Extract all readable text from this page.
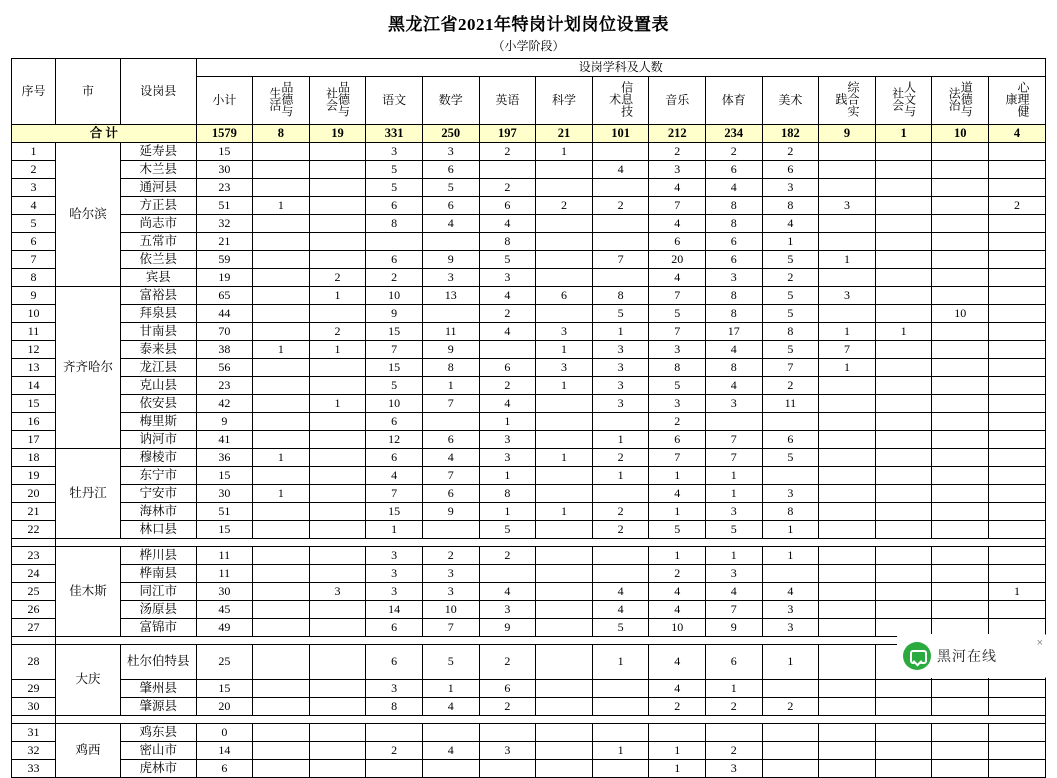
黑龙江省2021年特岗计划岗位设置表
（小学阶段）
序号	市	设岗县	设岗学科及人数														
			小计	品德与生活	品德与社会	语文	数学	英语	科学	信息技术	音乐	体育	美术	综合实践	人文与社会	道德与法治	心理健康
合 计			1579	8	19	331	250	197	21	101	212	234	182	9	1	10	4
1	哈尔滨	延寿县	15			3	3	2	1		2	2	2				
2		木兰县	30			5	6			4	3	6	6				
3		通河县	23			5	5	2			4	4	3				
4		方正县	51	1		6	6	6	2	2	7	8	8	3			2
5		尚志市	32			8	4	4			4	8	4				
6		五常市	21					8			6	6	1				
7		依兰县	59			6	9	5		7	20	6	5	1			
8		宾县	19		2	2	3	3			4	3	2				
9	齐齐哈尔	富裕县	65		1	10	13	4	6	8	7	8	5	3			
10		拜泉县	44			9		2		5	5	8	5			10	
11		甘南县	70		2	15	11	4	3	1	7	17	8	1	1		
12		泰来县	38	1	1	7	9		1	3	3	4	5	7			
13		龙江县	56			15	8	6	3	3	8	8	7	1			
14		克山县	23			5	1	2	1	3	5	4	2				
15		依安县	42		1	10	7	4		3	3	3	11				
16		梅里斯	9			6		1			2						
17		讷河市	41			12	6	3		1	6	7	6				
18	牡丹江	穆棱市	36	1		6	4	3	1	2	7	7	5				
19		东宁市	15			4	7	1		1	1	1					
20		宁安市	30	1		7	6	8			4	1	3				
21		海林市	51			15	9	1	1	2	1	3	8				
22		林口县	15			1		5		2	5	5	1				

23	佳木斯	桦川县	11			3	2	2			1	1	1				
24		桦南县	11			3	3				2	3					
25		同江市	30		3	3	3	4		4	4	4	4				1
26		汤原县	45			14	10	3		4	4	7	3				
27		富锦市	49			6	7	9		5	10	9	3				

28	大庆	杜尔伯特县	25			6	5	2		1	4	6	1				
29		肇州县	15			3	1	6			4	1					
30		肇源县	20			8	4	2			2	2	2				

31	鸡西	鸡东县	0														
32		密山市	14			2	4	3		1	1	2					
33		虎林市	6								1	3					
黑河在线
×
